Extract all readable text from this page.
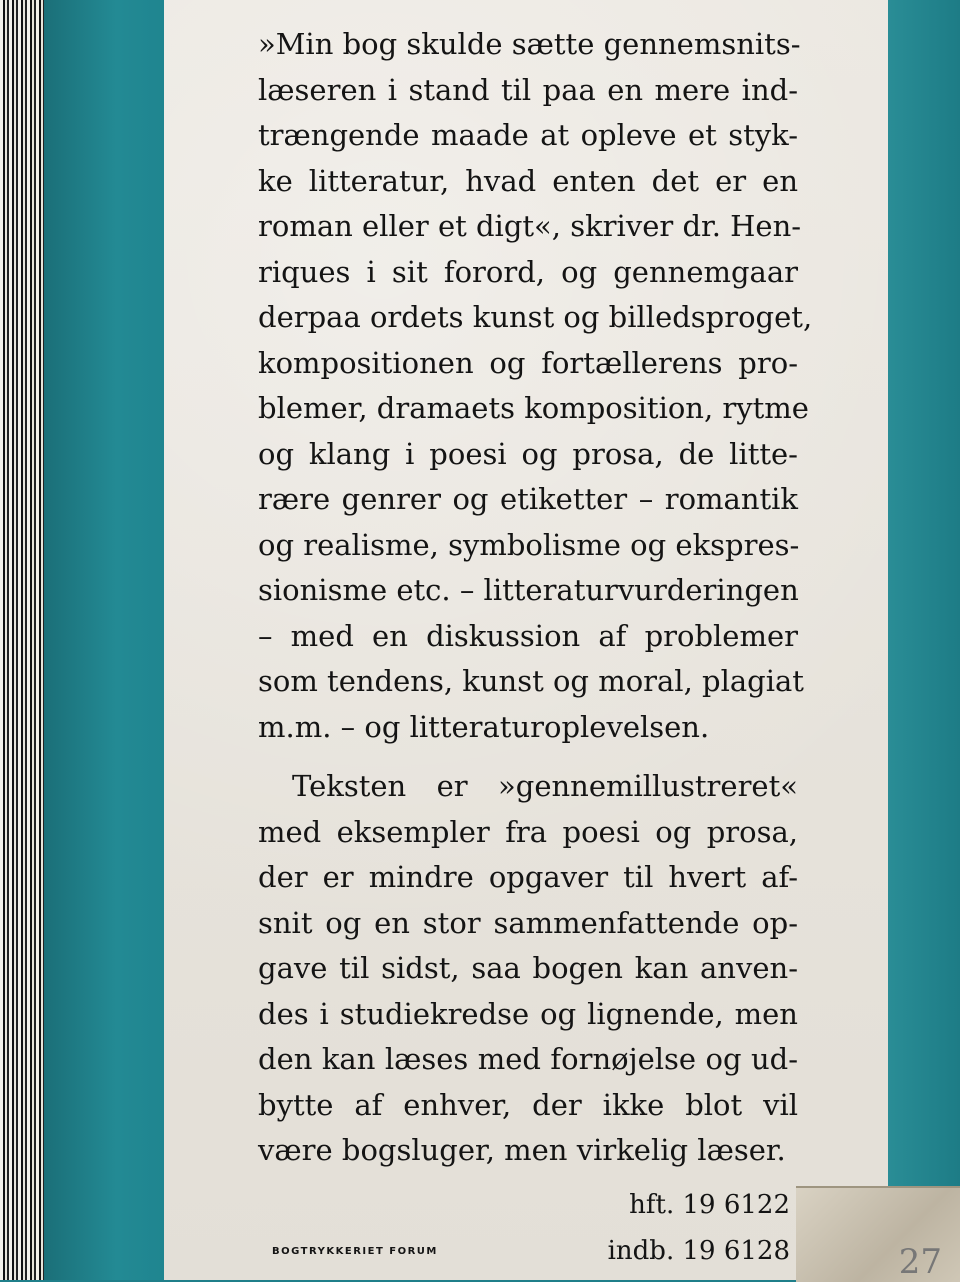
»Min bog skulde sætte gennemsnits-
læseren i stand til paa en mere ind-
trængende maade at opleve et styk-
ke litteratur, hvad enten det er en
roman eller et digt«, skriver dr. Hen-
riques i sit forord, og gennemgaar
derpaa ordets kunst og billedsproget,
kompositionen og fortællerens pro-
blemer, dramaets komposition, rytme
og klang i poesi og prosa, de litte-
rære genrer og etiketter – romantik
og realisme, symbolisme og ekspres-
sionisme etc. – litteraturvurderingen
– med en diskussion af problemer
som tendens, kunst og moral, plagiat
m.m. – og litteraturoplevelsen.
Teksten er »gennemillustreret«
med eksempler fra poesi og prosa,
der er mindre opgaver til hvert af-
snit og en stor sammenfattende op-
gave til sidst, saa bogen kan anven-
des i studiekredse og lignende, men
den kan læses med fornøjelse og ud-
bytte af enhver, der ikke blot vil
være bogsluger, men virkelig læser.
hft. 19 6122
indb. 19 6128
BOGTRYKKERIET FORUM	27
